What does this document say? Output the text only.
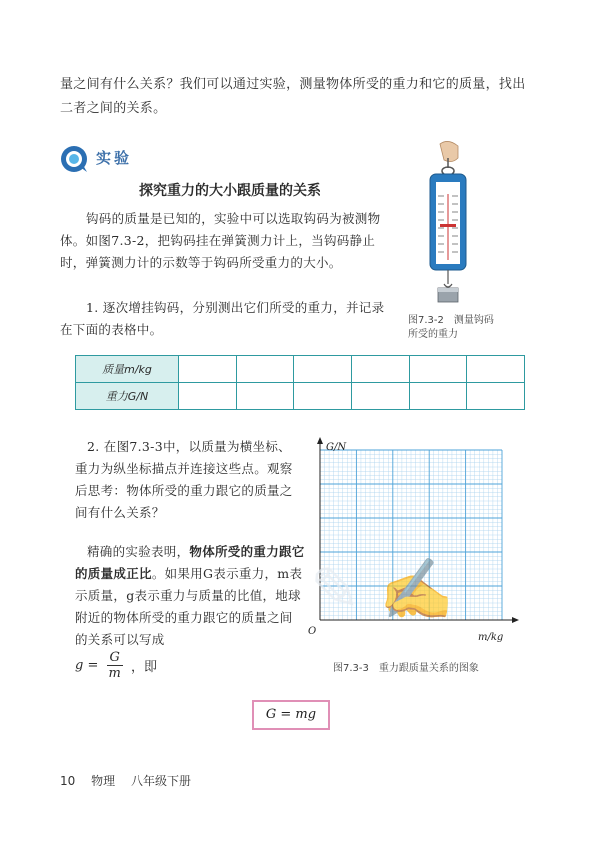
量之间有什么关系？我们可以通过实验，测量物体所受的重力和它的质量，找出二者之间的关系。
实验
探究重力的大小跟质量的关系
钩码的质量是已知的，实验中可以选取钩码为被测物体。如图7.3-2，把钩码挂在弹簧测力计上，当钩码静止时，弹簧测力计的示数等于钩码所受重力的大小。
1. 逐次增挂钩码，分别测出它们所受的重力，并记录在下面的表格中。
图7.3-2　测量钩码所受的重力
质量m/kg						
重力G/N						
2. 在图7.3-3中，以质量为横坐标、重力为纵坐标描点并连接这些点。观察后思考：物体所受的重力跟它的质量之间有什么关系？
精确的实验表明，物体所受的重力跟它的质量成正比。如果用G表示重力，m表示质量，g表示重力与质量的比值，地球附近的物体所受的重力跟它的质量之间的关系可以写成
$g = \frac{G}{m}$ ，即
G/N
m/kg
O
图7.3-3　重力跟质量关系的图象
✎ ✍
G = mg
10 物理 八年级下册
